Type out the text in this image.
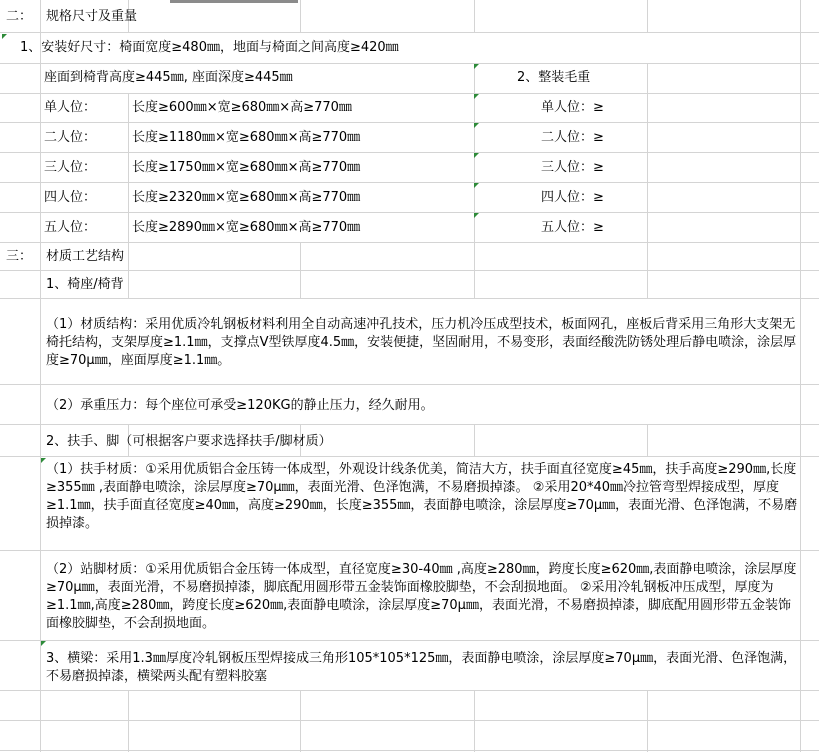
二： 规格尺寸及重量
1、安装好尺寸：椅面宽度≥480㎜，地面与椅面之间高度≥420㎜
座面到椅背高度≥445㎜, 座面深度≥445㎜	2、整装毛重
单人位：	长度≥600㎜×宽≥680㎜×高≥770㎜	单人位：≥
二人位：	长度≥1180㎜×宽≥680㎜×高≥770㎜	二人位：≥
三人位：	长度≥1750㎜×宽≥680㎜×高≥770㎜	三人位：≥
四人位：	长度≥2320㎜×宽≥680㎜×高≥770㎜	四人位：≥
五人位：	长度≥2890㎜×宽≥680㎜×高≥770㎜	五人位：≥
三： 材质工艺结构
1、椅座/椅背
（1）材质结构：采用优质冷轧钢板材料利用全自动高速冲孔技术，压力机冷压成型技术，板面网孔，座板后背采用三角形大支架无椅托结构，支架厚度≥1.1㎜，支撑点V型铁厚度4.5㎜，安装便捷，坚固耐用，不易变形，表面经酸洗防锈处理后静电喷涂，涂层厚度≥70μ㎜，座面厚度≥1.1㎜。
（2）承重压力：每个座位可承受≥120KG的静止压力，经久耐用。
2、扶手、脚（可根据客户要求选择扶手/脚材质）
（1）扶手材质：①采用优质铝合金压铸一体成型，外观设计线条优美，简洁大方，扶手面直径宽度≥45㎜，扶手高度≥290㎜,长度≥355㎜ ,表面静电喷涂，涂层厚度≥70μ㎜，表面光滑、色泽饱满，不易磨损掉漆。 ②采用20*40㎜冷拉管弯型焊接成型，厚度≥1.1㎜，扶手面直径宽度≥40㎜，高度≥290㎜，长度≥355㎜，表面静电喷涂，涂层厚度≥70μ㎜，表面光滑、色泽饱满，不易磨损掉漆。
（2）站脚材质：①采用优质铝合金压铸一体成型，直径宽度≥30-40㎜ ,高度≥280㎜，跨度长度≥620㎜,表面静电喷涂，涂层厚度≥70μ㎜，表面光滑，不易磨损掉漆，脚底配用圆形带五金装饰面橡胶脚垫，不会刮损地面。 ②采用冷轧钢板冲压成型，厚度为≥1.1㎜,高度≥280㎜，跨度长度≥620㎜,表面静电喷涂，涂层厚度≥70μ㎜，表面光滑，不易磨损掉漆，脚底配用圆形带五金装饰面橡胶脚垫，不会刮损地面。
3、横梁：采用1.3㎜厚度冷轧钢板压型焊接成三角形105*105*125㎜，表面静电喷涂，涂层厚度≥70μ㎜，表面光滑、色泽饱满，不易磨损掉漆，横梁两头配有塑料胶塞
